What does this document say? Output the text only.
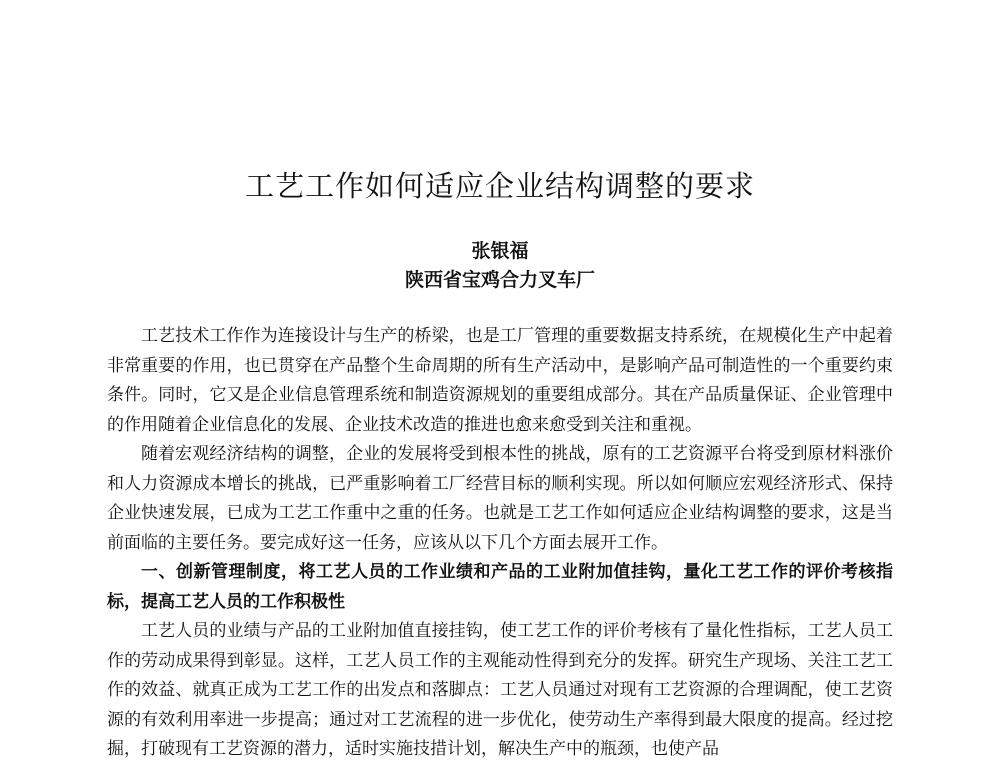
工艺工作如何适应企业结构调整的要求
张银福
陕西省宝鸡合力叉车厂

工艺技术工作作为连接设计与生产的桥梁，也是工厂管理的重要数据支持系统，在规模化生产中起着非常重要的作用，也已贯穿在产品整个生命周期的所有生产活动中，是影响产品可制造性的一个重要约束条件。同时，它又是企业信息管理系统和制造资源规划的重要组成部分。其在产品质量保证、企业管理中的作用随着企业信息化的发展、企业技术改造的推进也愈来愈受到关注和重视。

随着宏观经济结构的调整，企业的发展将受到根本性的挑战，原有的工艺资源平台将受到原材料涨价和人力资源成本增长的挑战，已严重影响着工厂经营目标的顺利实现。所以如何顺应宏观经济形式、保持企业快速发展，已成为工艺工作重中之重的任务。也就是工艺工作如何适应企业结构调整的要求，这是当前面临的主要任务。要完成好这一任务，应该从以下几个方面去展开工作。

一、创新管理制度，将工艺人员的工作业绩和产品的工业附加值挂钩，量化工艺工作的评价考核指标，提高工艺人员的工作积极性

工艺人员的业绩与产品的工业附加值直接挂钩，使工艺工作的评价考核有了量化性指标，工艺人员工作的劳动成果得到彰显。这样，工艺人员工作的主观能动性得到充分的发挥。研究生产现场、关注工艺工作的效益、就真正成为工艺工作的出发点和落脚点：工艺人员通过对现有工艺资源的合理调配，使工艺资源的有效利用率进一步提高；通过对工艺流程的进一步优化，使劳动生产率得到最大限度的提高。经过挖掘，打破现有工艺资源的潜力，适时实施技措计划，解决生产中的瓶颈，也使产品
